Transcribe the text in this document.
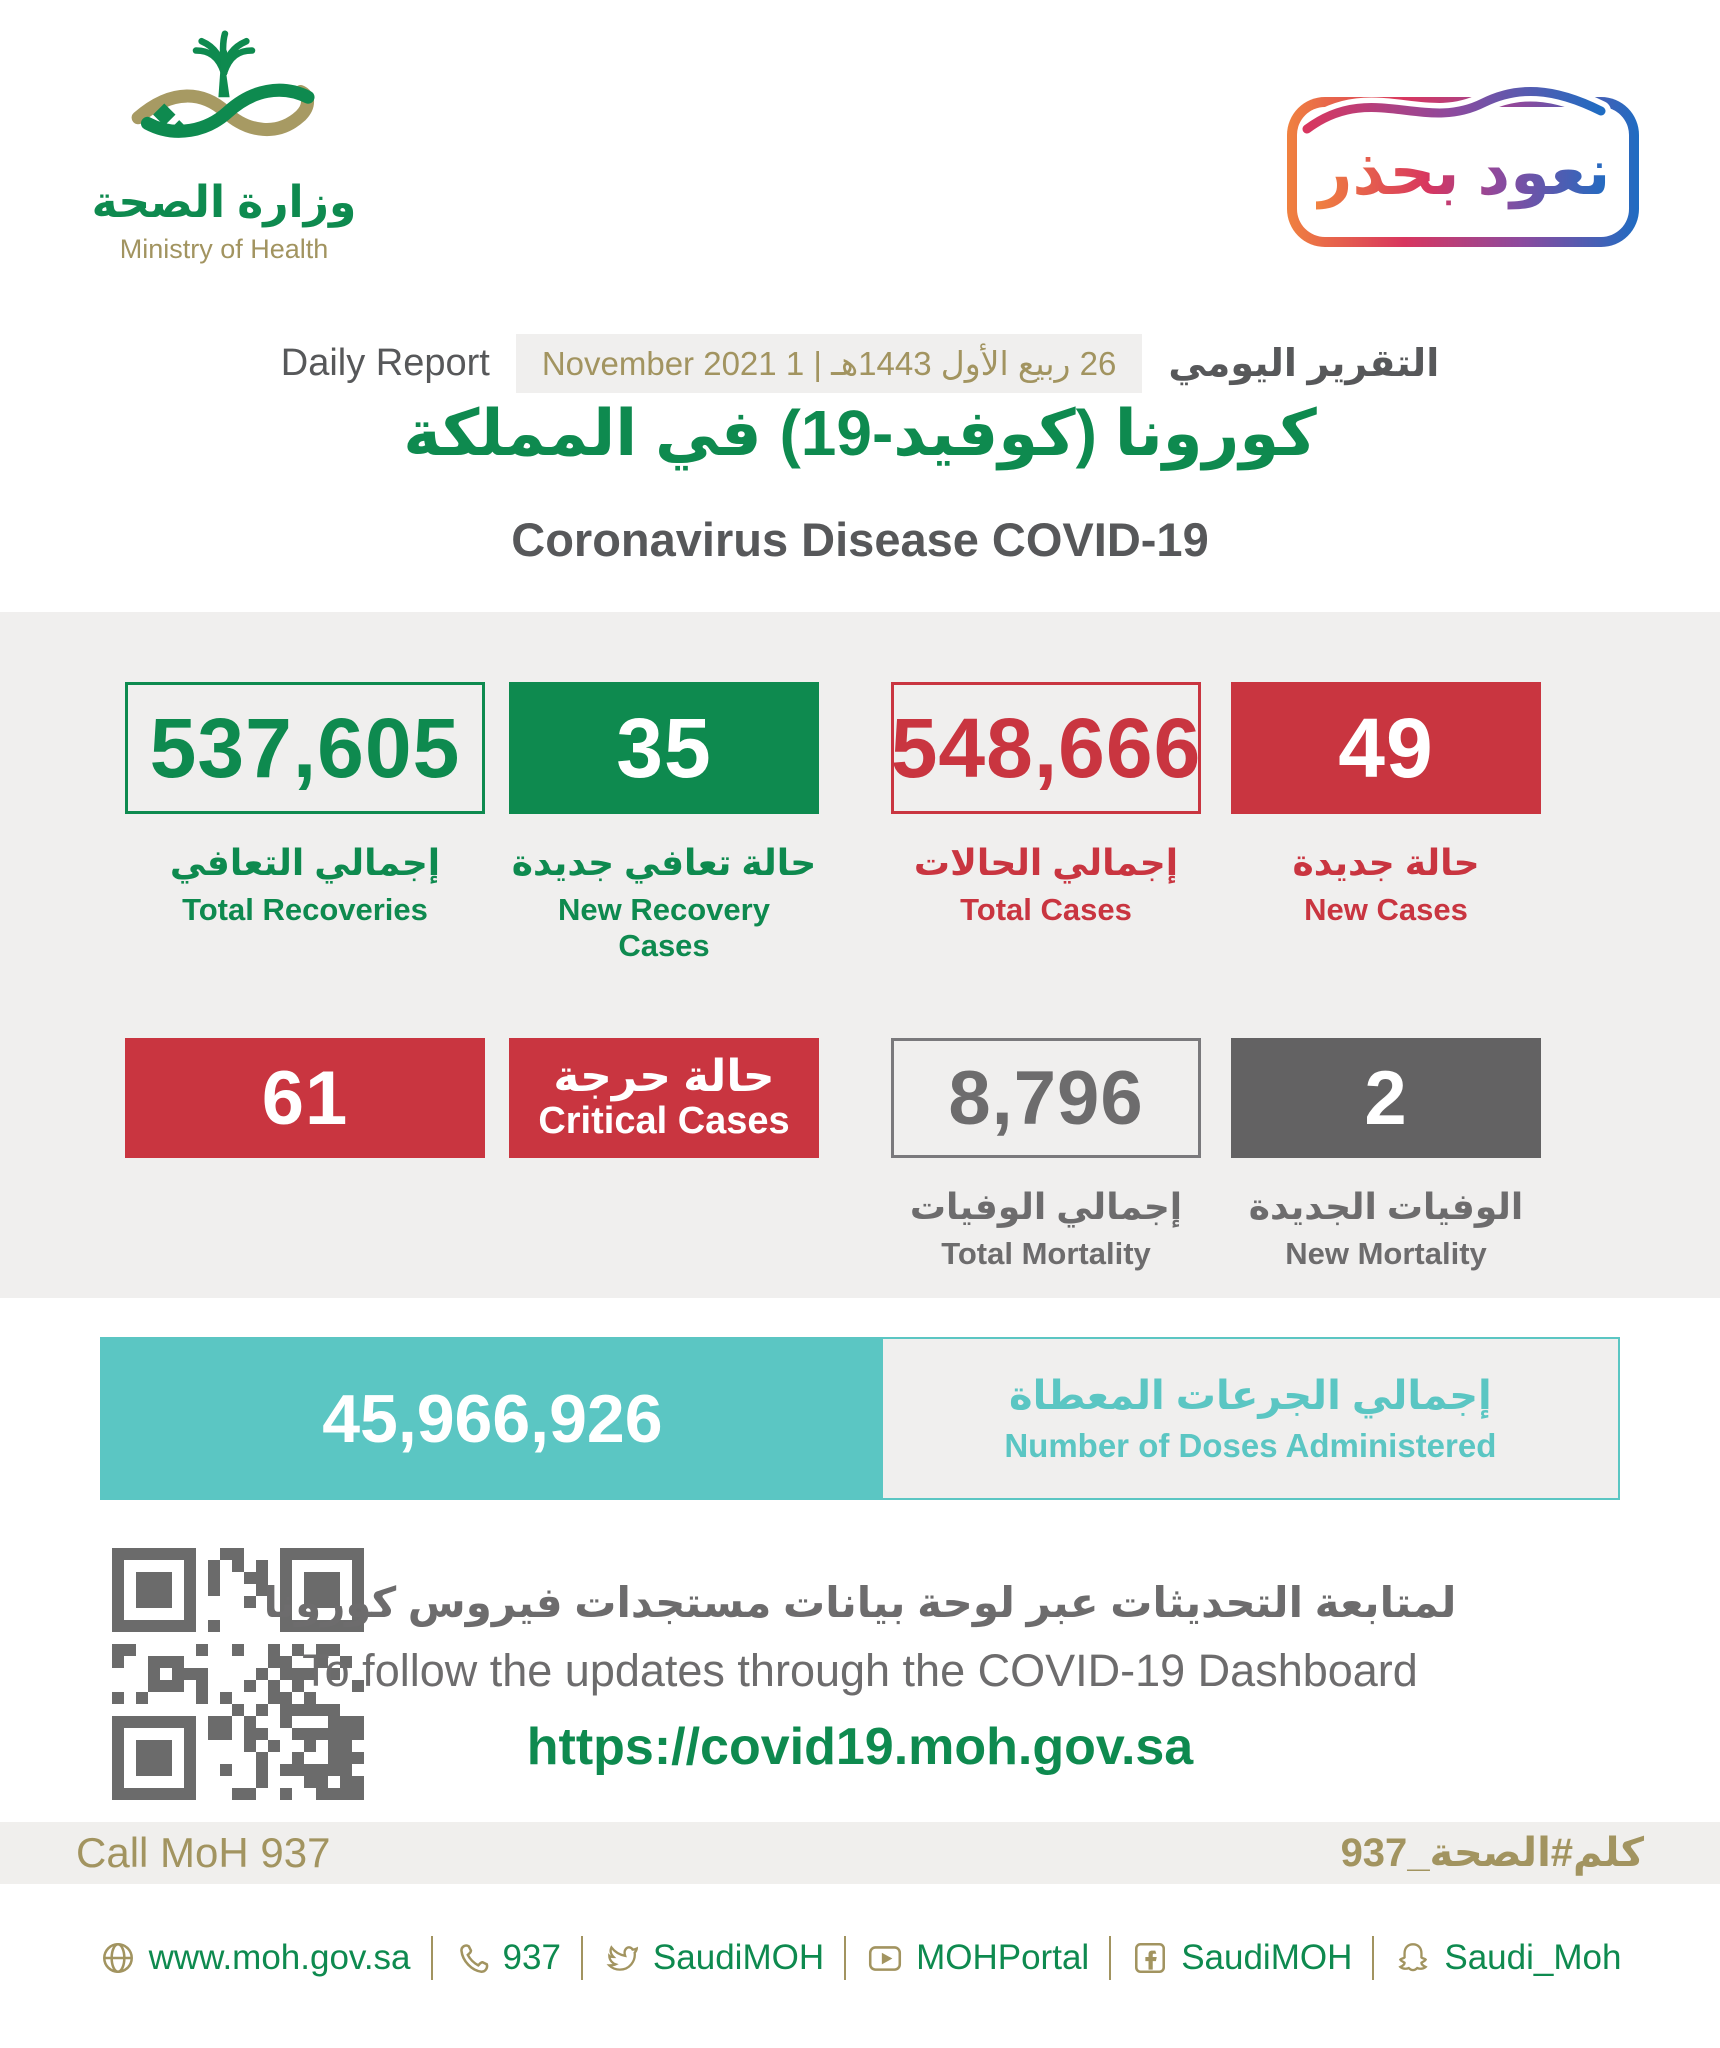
وزارة الصحة
Ministry of Health
نعود بحذر
Daily Report	26 ربيع الأول 1443هـ | 1 November 2021	التقرير اليومي
كورونا (كوفيد-19) في المملكة
Coronavirus Disease COVID-19
537,605
إجمالي التعافي
Total Recoveries
35
حالة تعافي جديدة
New Recovery Cases
548,666
إجمالي الحالات
Total Cases
49
حالة جديدة
New Cases
61	حالة حرجة
Critical Cases 8,796
إجمالي الوفيات
Total Mortality
2
الوفيات الجديدة
New Mortality
45,966,926	إجمالي الجرعات المعطاة
Number of Doses Administered
لمتابعة التحديثات عبر لوحة بيانات مستجدات فيروس كورونا
To follow the updates through the COVID-19 Dashboard
https://covid19.moh.gov.sa
Call MoH 937	كلم#الصحة_937
www.moh.gov.sa	937	SaudiMOH	MOHPortal	SaudiMOH	Saudi_Moh
